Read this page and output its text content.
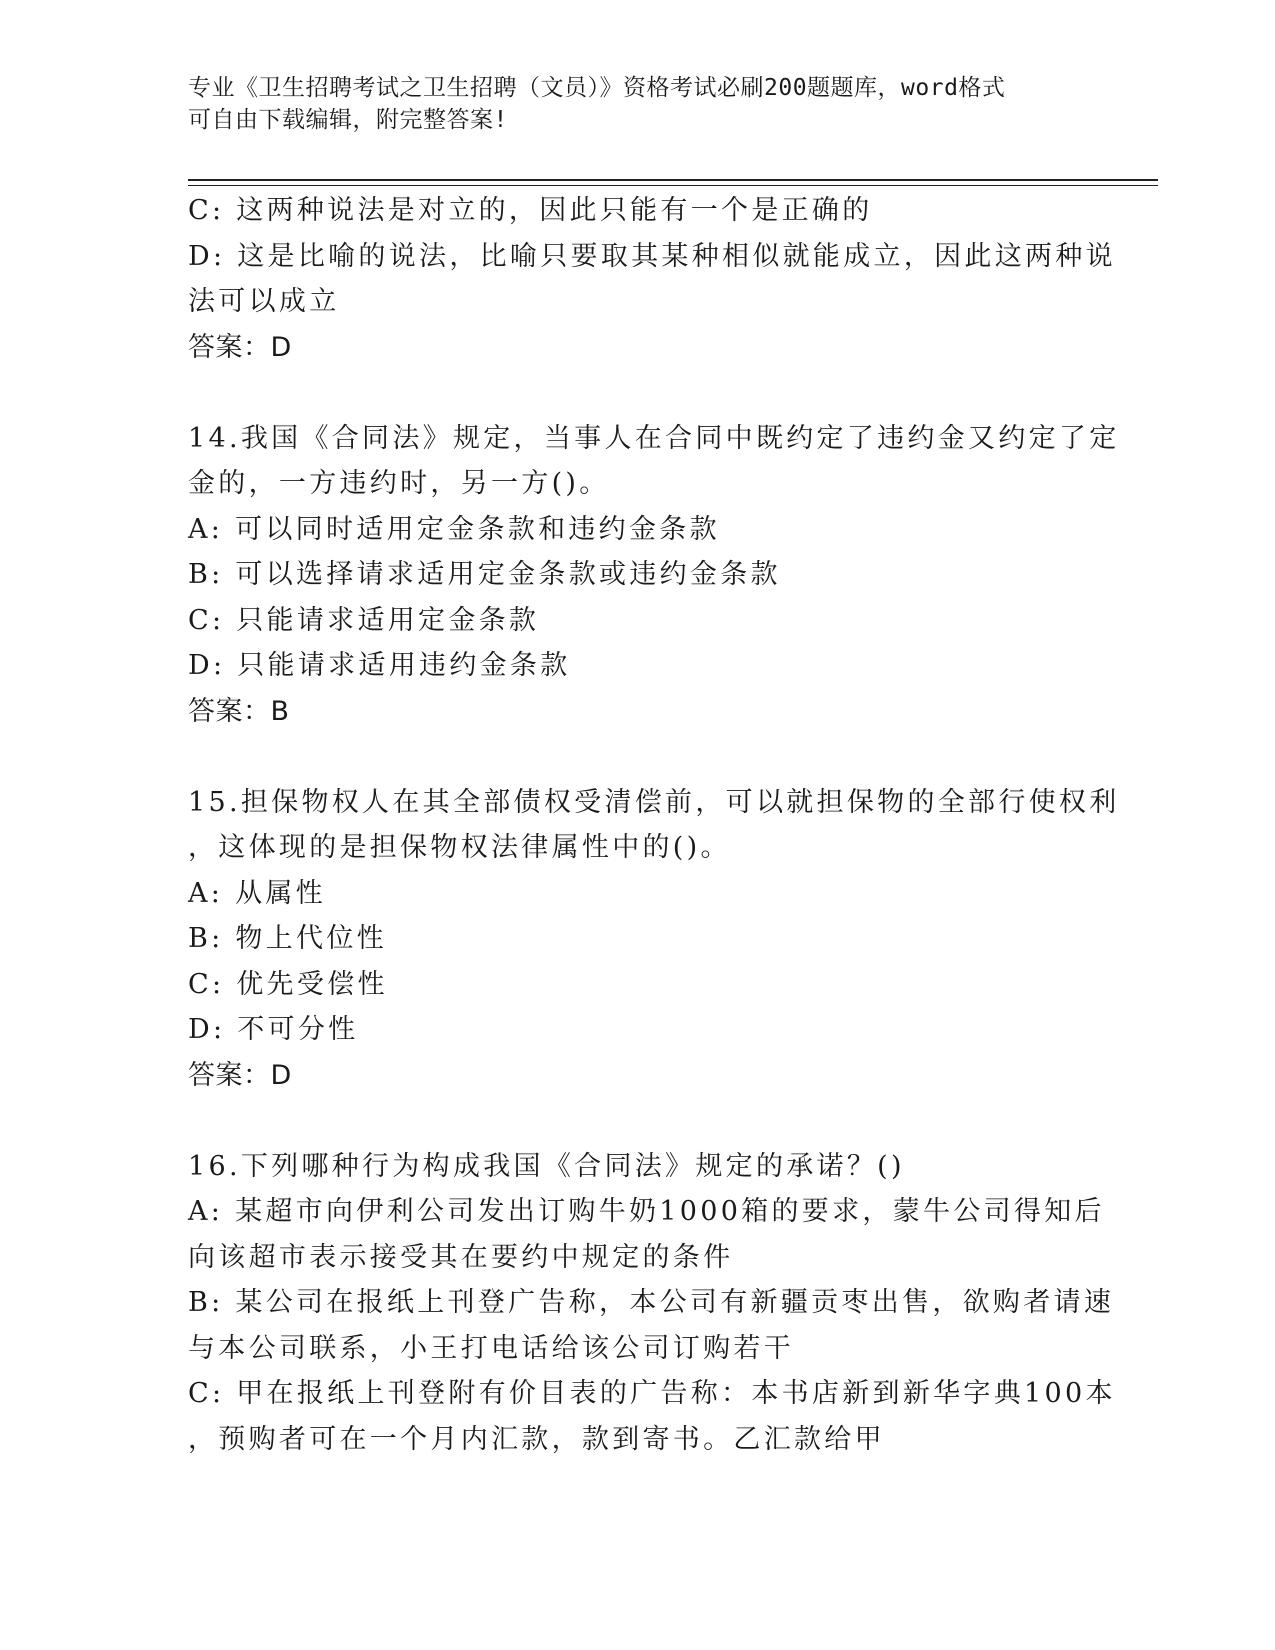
专业《卫生招聘考试之卫生招聘（文员）》资格考试必刷200题题库，word格式
可自由下载编辑，附完整答案!
C: 这两种说法是对立的，因此只能有一个是正确的
D: 这是比喻的说法，比喻只要取其某种相似就能成立，因此这两种说
法可以成立
答案：D
14.我国《合同法》规定，当事人在合同中既约定了违约金又约定了定
金的，一方违约时，另一方()。
A: 可以同时适用定金条款和违约金条款
B: 可以选择请求适用定金条款或违约金条款
C: 只能请求适用定金条款
D: 只能请求适用违约金条款
答案：B
15.担保物权人在其全部债权受清偿前，可以就担保物的全部行使权利
，这体现的是担保物权法律属性中的()。
A: 从属性
B: 物上代位性
C: 优先受偿性
D: 不可分性
答案：D
16.下列哪种行为构成我国《合同法》规定的承诺？()
A: 某超市向伊利公司发出订购牛奶1000箱的要求，蒙牛公司得知后
向该超市表示接受其在要约中规定的条件
B: 某公司在报纸上刊登广告称，本公司有新疆贡枣出售，欲购者请速
与本公司联系，小王打电话给该公司订购若干
C: 甲在报纸上刊登附有价目表的广告称：本书店新到新华字典100本
，预购者可在一个月内汇款，款到寄书。乙汇款给甲
